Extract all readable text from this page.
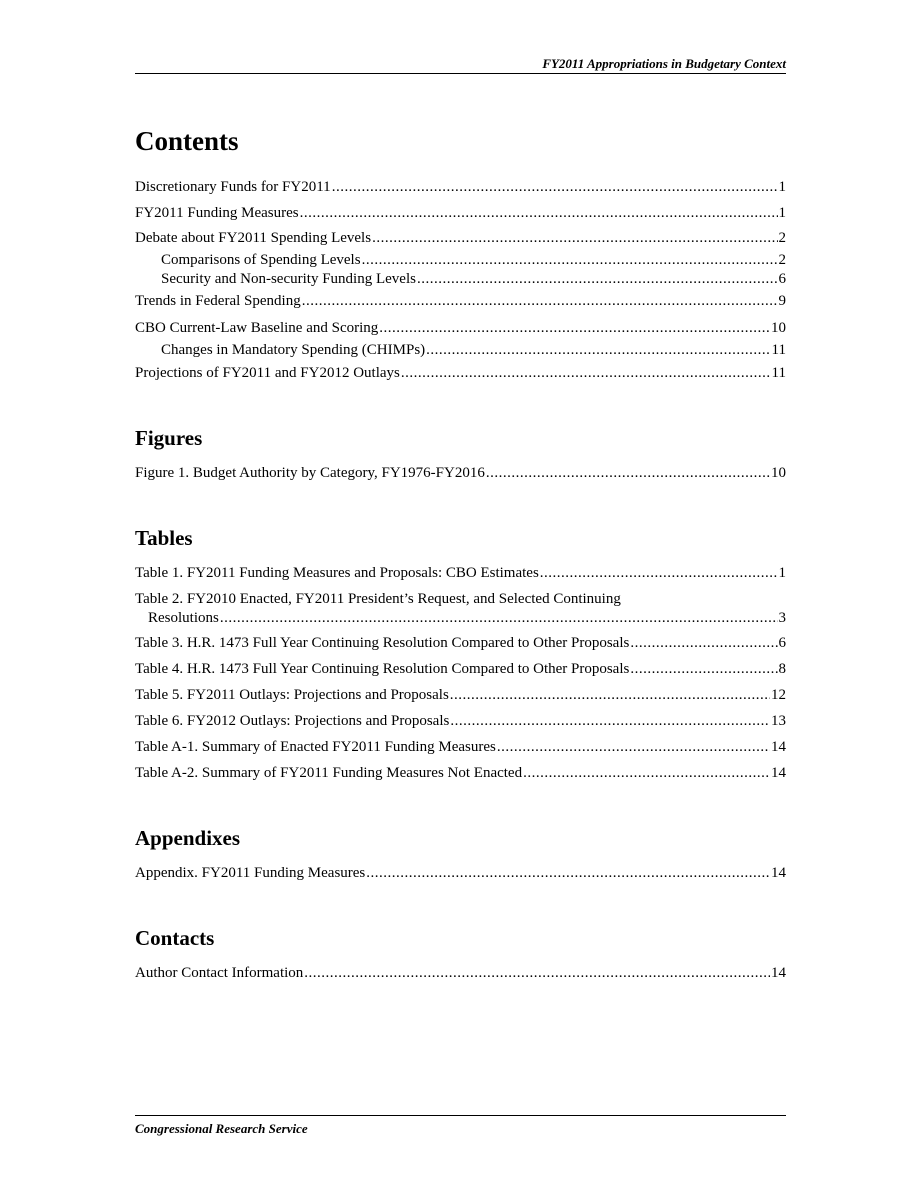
FY2011 Appropriations in Budgetary Context
Contents
Discretionary Funds for FY2011 .....	1
FY2011 Funding Measures .....	1
Debate about FY2011 Spending Levels .....	2
Comparisons of Spending Levels .....	2
Security and Non-security Funding Levels .....	6
Trends in Federal Spending .....	9
CBO Current-Law Baseline and Scoring .....	10
Changes in Mandatory Spending (CHIMPs) .....	11
Projections of FY2011 and FY2012 Outlays .....	11
Figures
Figure 1. Budget Authority by Category, FY1976-FY2016 .....	10
Tables
Table 1. FY2011 Funding Measures and Proposals: CBO Estimates .....	1
Table 2. FY2010 Enacted, FY2011 President’s Request, and Selected Continuing
Resolutions .....	3
Table 3. H.R. 1473 Full Year Continuing Resolution Compared to Other Proposals .....	6
Table 4. H.R. 1473 Full Year Continuing Resolution Compared to Other Proposals .....	8
Table 5. FY2011 Outlays: Projections and Proposals .....	12
Table 6. FY2012 Outlays: Projections and Proposals .....	13
Table A-1. Summary of Enacted FY2011 Funding Measures .....	14
Table A-2. Summary of FY2011 Funding Measures Not Enacted .....	14
Appendixes
Appendix. FY2011 Funding Measures .....	14
Contacts
Author Contact Information .....	14
Congressional Research Service
